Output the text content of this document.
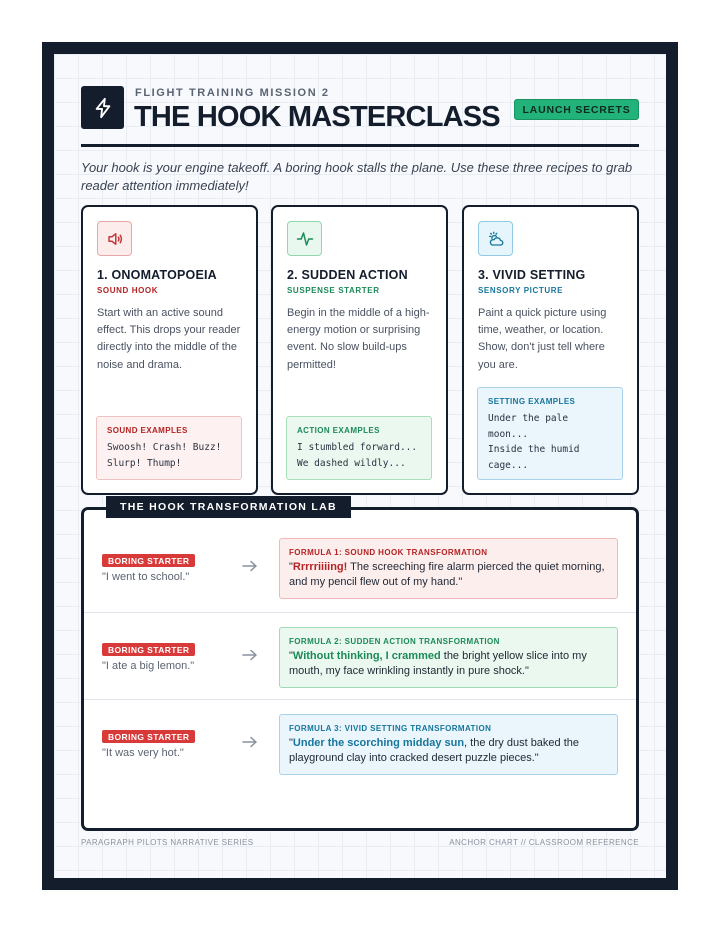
FLIGHT TRAINING MISSION 2
THE HOOK MASTERCLASS	LAUNCH SECRETS
Your hook is your engine takeoff. A boring hook stalls the plane. Use these three recipes to grab reader attention immediately!
1. ONOMATOPOEIA
SOUND HOOK
Start with an active sound effect. This drops your reader directly into the middle of the noise and drama.
SOUND EXAMPLES
Swoosh! Crash! Buzz!
Slurp! Thump!
2. SUDDEN ACTION
SUSPENSE STARTER
Begin in the middle of a high-energy motion or surprising event. No slow build-ups permitted!
ACTION EXAMPLES
I stumbled forward...
We dashed wildly...
3. VIVID SETTING
SENSORY PICTURE
Paint a quick picture using time, weather, or location. Show, don't just tell where you are.
SETTING EXAMPLES
Under the pale
moon...
Inside the humid
cage...
BORING STARTER
"I went to school."
FORMULA 1: SOUND HOOK TRANSFORMATION
"Rrrrriiiing! The screeching fire alarm pierced the quiet morning, and my pencil flew out of my hand."
BORING STARTER
"I ate a big lemon."
FORMULA 2: SUDDEN ACTION TRANSFORMATION
"Without thinking, I crammed the bright yellow slice into my mouth, my face wrinkling instantly in pure shock."
BORING STARTER
"It was very hot."
FORMULA 3: VIVID SETTING TRANSFORMATION
"Under the scorching midday sun, the dry dust baked the playground clay into cracked desert puzzle pieces."
THE HOOK TRANSFORMATION LAB
PARAGRAPH PILOTS NARRATIVE SERIES	ANCHOR CHART // CLASSROOM REFERENCE
